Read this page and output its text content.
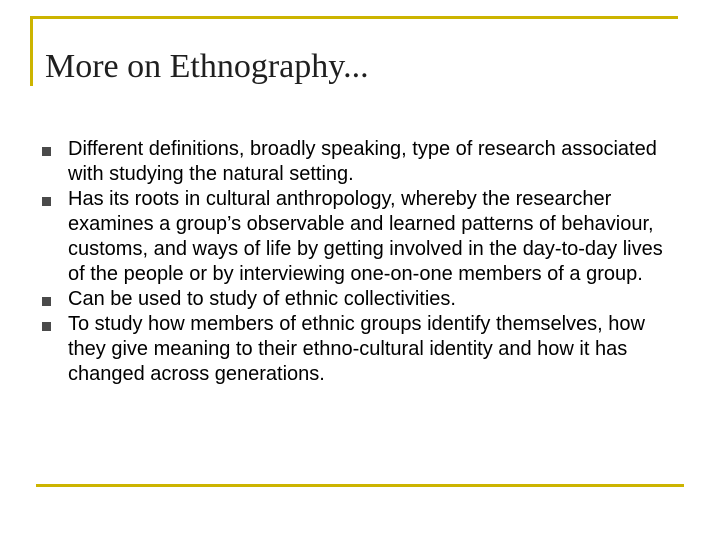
More on Ethnography...
Different definitions, broadly speaking, type of research associated with studying the natural setting.
Has its roots in cultural anthropology, whereby the researcher examines a group’s observable and learned patterns of behaviour, customs, and ways of life by getting involved in the day-to-day lives of the people or by interviewing one-on-one members of a group.
Can be used to study of ethnic collectivities.
To study how members of ethnic groups identify themselves, how they give meaning to their ethno-cultural identity and how it has changed across generations.
